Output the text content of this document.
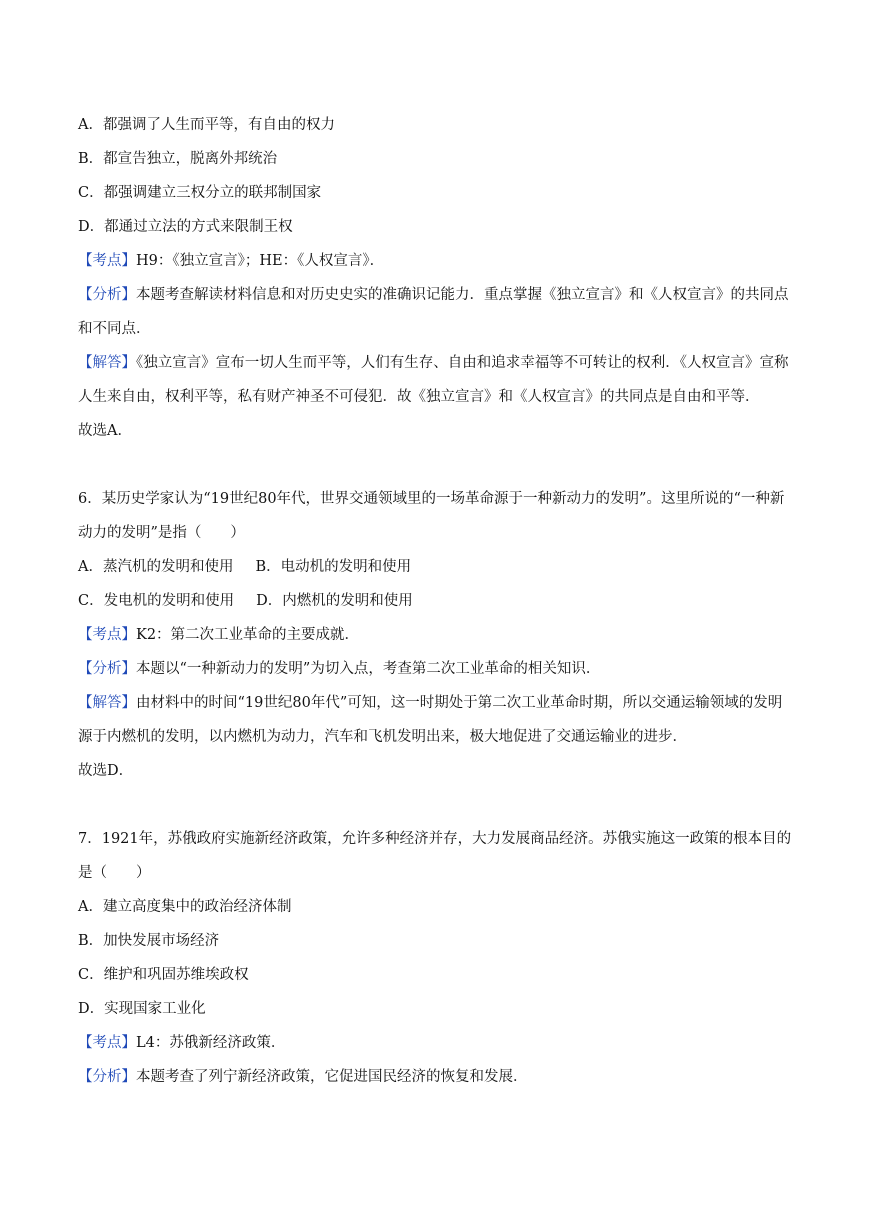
A．都强调了人生而平等，有自由的权力
B．都宣告独立，脱离外邦统治
C．都强调建立三权分立的联邦制国家
D．都通过立法的方式来限制王权
【考点】H9：《独立宣言》；HE：《人权宣言》．
【分析】本题考查解读材料信息和对历史史实的准确识记能力．重点掌握《独立宣言》和《人权宣言》的共同点和不同点．
【解答】《独立宣言》宣布一切人生而平等，人们有生存、自由和追求幸福等不可转让的权利．《人权宣言》宣称人生来自由，权利平等，私有财产神圣不可侵犯．故《独立宣言》和《人权宣言》的共同点是自由和平等．
故选A．
6．某历史学家认为“19世纪80年代，世界交通领域里的一场革命源于一种新动力的发明”。这里所说的“一种新动力的发明”是指（　　）
A．蒸汽机的发明和使用 B．电动机的发明和使用
C．发电机的发明和使用 D．内燃机的发明和使用
【考点】K2：第二次工业革命的主要成就．
【分析】本题以“一种新动力的发明”为切入点，考查第二次工业革命的相关知识．
【解答】由材料中的时间“19世纪80年代”可知，这一时期处于第二次工业革命时期，所以交通运输领域的发明源于内燃机的发明，以内燃机为动力，汽车和飞机发明出来，极大地促进了交通运输业的进步．
故选D．
7．1921年，苏俄政府实施新经济政策，允许多种经济并存，大力发展商品经济。苏俄实施这一政策的根本目的是（　　）
A．建立高度集中的政治经济体制
B．加快发展市场经济
C．维护和巩固苏维埃政权
D．实现国家工业化
【考点】L4：苏俄新经济政策．
【分析】本题考查了列宁新经济政策，它促进国民经济的恢复和发展．
